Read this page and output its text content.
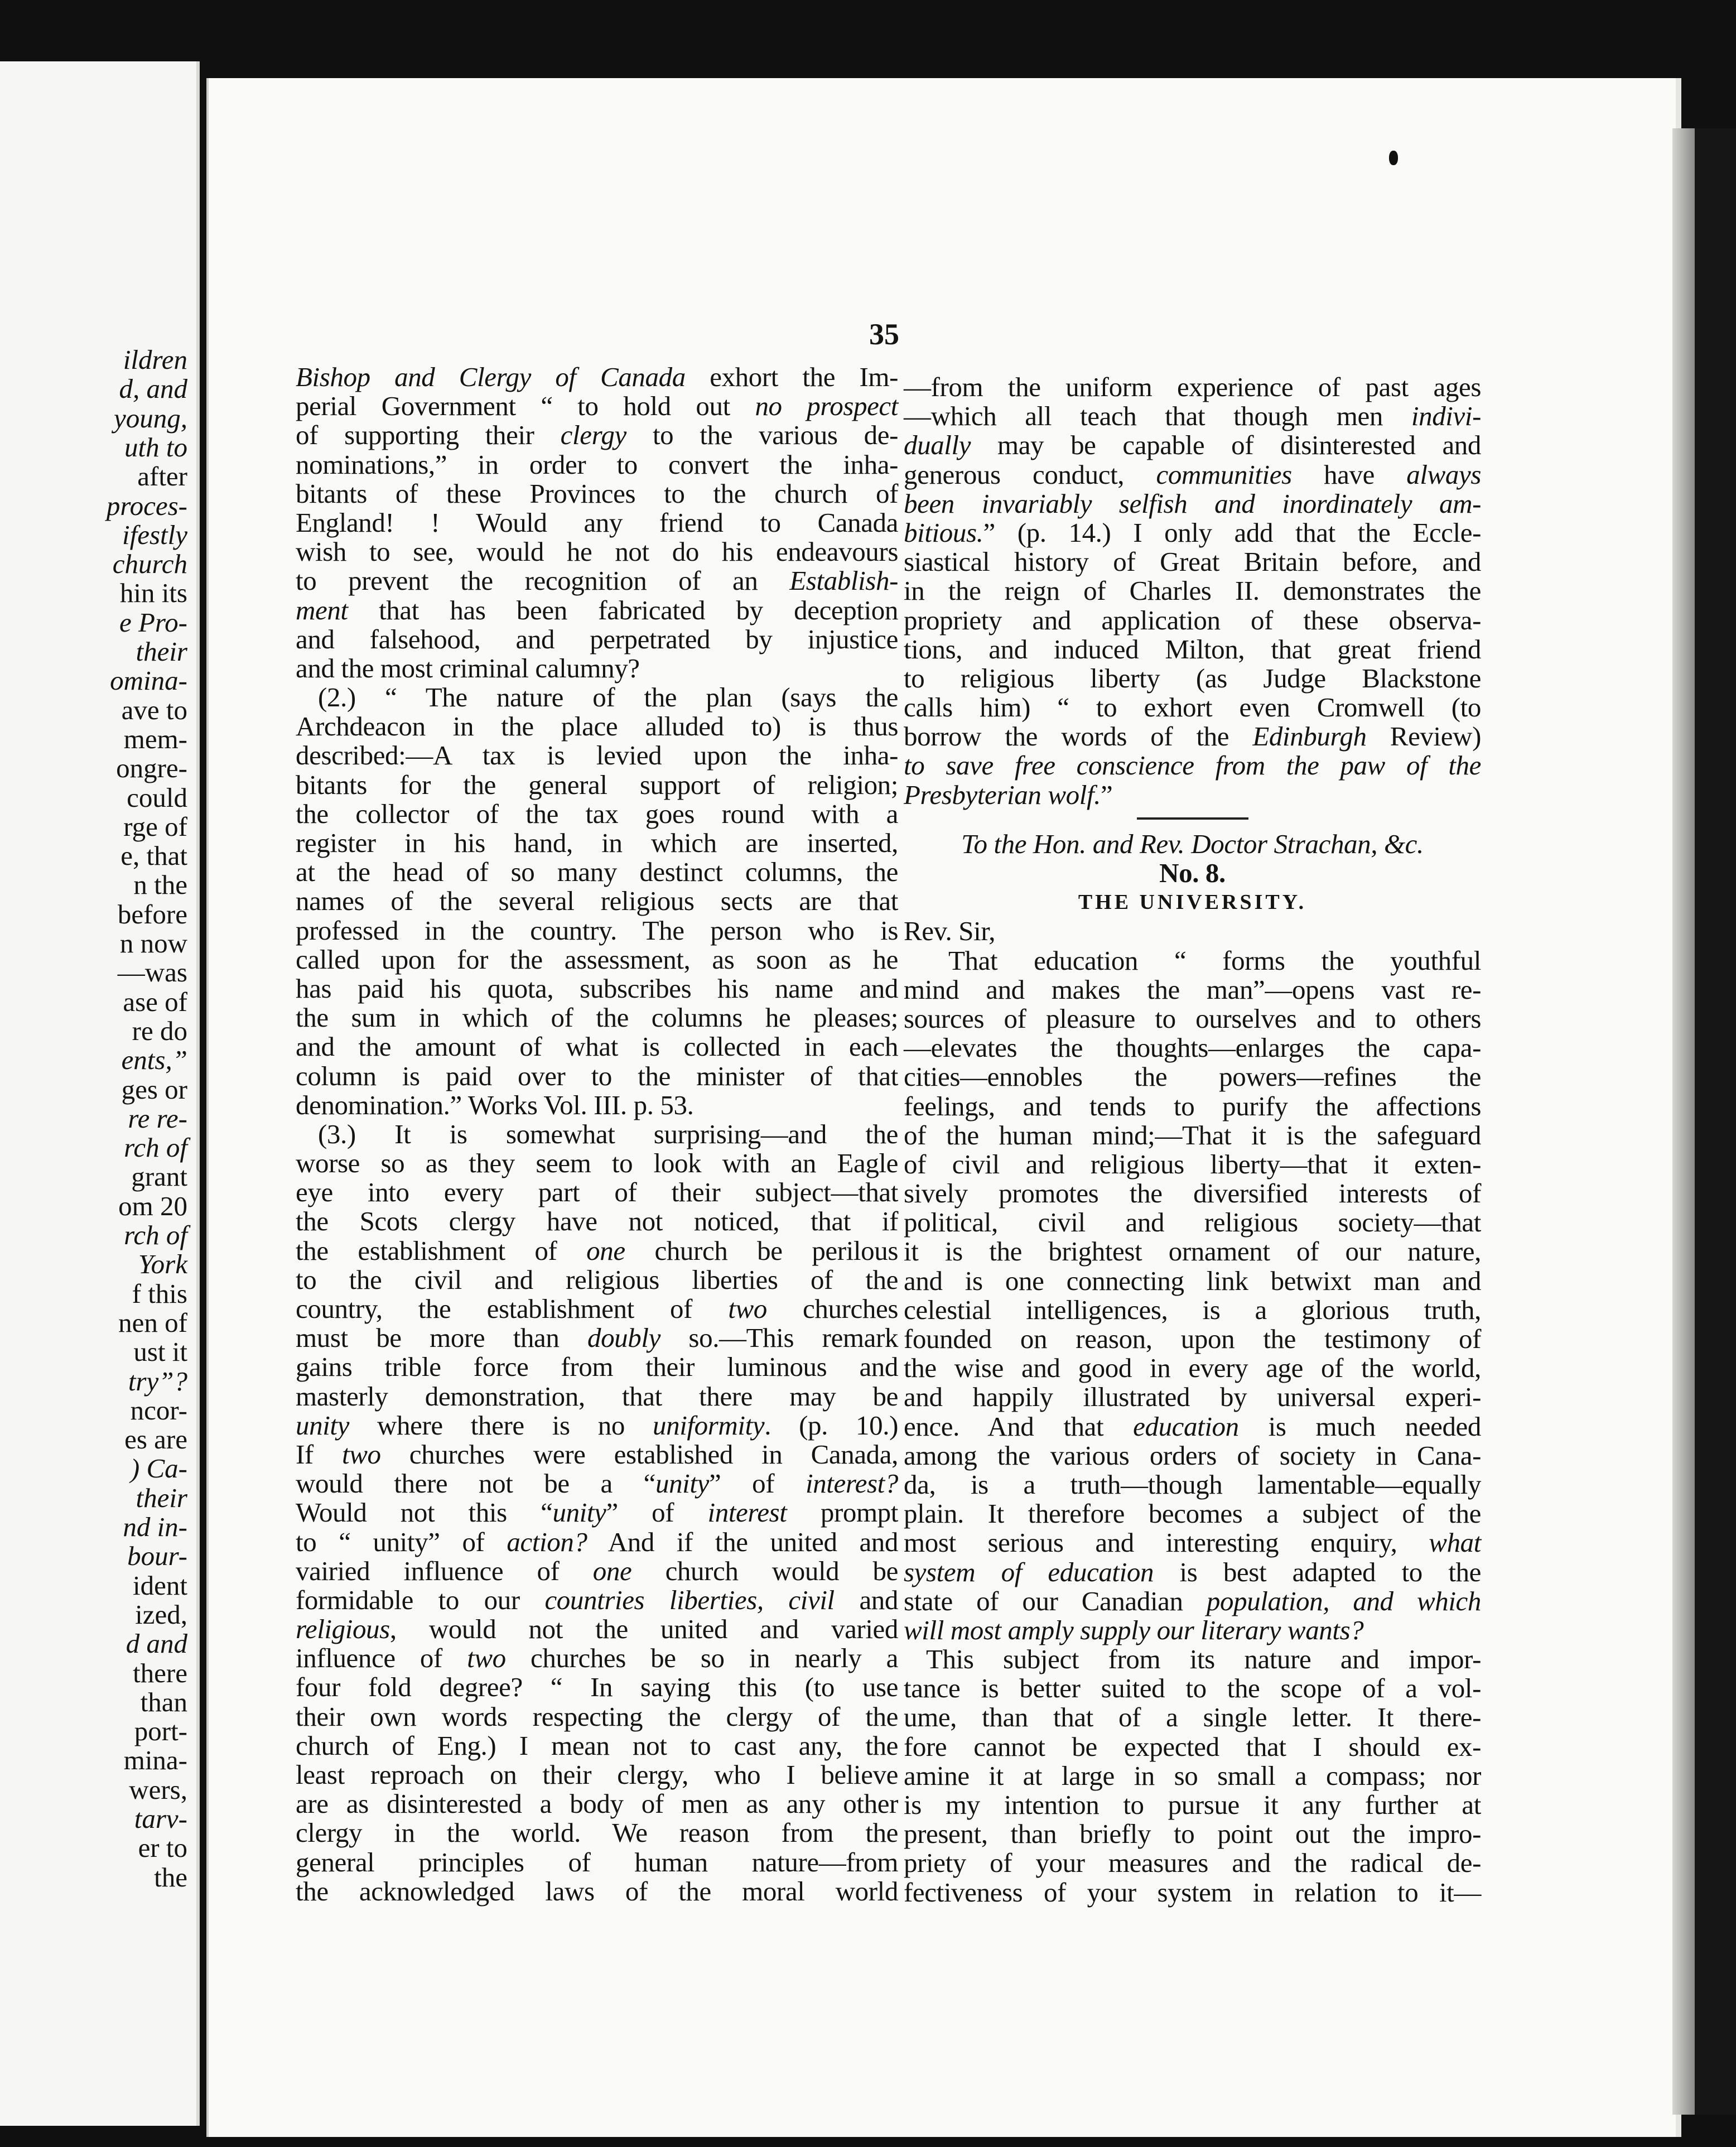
ildren
d, and
young,
uth to
after
proces-
ifestly
church
hin its
e Pro-
their
omina-
ave to
mem-
ongre-
could
rge of
e, that
n the
before
n now
—was
ase of
re do
ents,”
ges or
re re-
rch of
grant
om 20
rch of
York
f this
nen of
ust it
try”?
ncor-
es are
) Ca-
their
nd in-
bour-
ident
ized,
d and
there
than
port-
mina-
wers,
tarv-
er to
the
35
Bishop and Clergy of Canada exhort the Im-
perial Government “ to hold out no prospect
of supporting their clergy to the various de-
nominations,” in order to convert the inha-
bitants of these Provinces to the church of
England! ! Would any friend to Canada
wish to see, would he not do his endeavours
to prevent the recognition of an Establish-
ment that has been fabricated by deception
and falsehood, and perpetrated by injustice
and the most criminal calumny?
(2.) “ The nature of the plan (says the
Archdeacon in the place alluded to) is thus
described:—A tax is levied upon the inha-
bitants for the general support of religion;
the collector of the tax goes round with a
register in his hand, in which are inserted,
at the head of so many destinct columns, the
names of the several religious sects are that
professed in the country. The person who is
called upon for the assessment, as soon as he
has paid his quota, subscribes his name and
the sum in which of the columns he pleases;
and the amount of what is collected in each
column is paid over to the minister of that
denomination.” Works Vol. III. p. 53.
(3.) It is somewhat surprising—and the
worse so as they seem to look with an Eagle
eye into every part of their subject—that
the Scots clergy have not noticed, that if
the establishment of one church be perilous
to the civil and religious liberties of the
country, the establishment of two churches
must be more than doubly so.—This remark
gains trible force from their luminous and
masterly demonstration, that there may be
unity where there is no uniformity. (p. 10.)
If two churches were established in Canada,
would there not be a “unity” of interest?
Would not this “unity” of interest prompt
to “ unity” of action? And if the united and
vairied influence of one church would be
formidable to our countries liberties, civil and
religious, would not the united and varied
influence of two churches be so in nearly a
four fold degree? “ In saying this (to use
their own words respecting the clergy of the
church of Eng.) I mean not to cast any, the
least reproach on their clergy, who I believe
are as disinterested a body of men as any other
clergy in the world. We reason from the
general principles of human nature—from
the acknowledged laws of the moral world
—from the uniform experience of past ages
—which all teach that though men indivi-
dually may be capable of disinterested and
generous conduct, communities have always
been invariably selfish and inordinately am-
bitious.” (p. 14.) I only add that the Eccle-
siastical history of Great Britain before, and
in the reign of Charles II. demonstrates the
propriety and application of these observa-
tions, and induced Milton, that great friend
to religious liberty (as Judge Blackstone
calls him) “ to exhort even Cromwell (to
borrow the words of the Edinburgh Review)
to save free conscience from the paw of the
Presbyterian wolf.”
To the Hon. and Rev. Doctor Strachan, &c.
No. 8.
THE UNIVERSITY.
Rev. Sir,
That education “ forms the youthful
mind and makes the man”—opens vast re-
sources of pleasure to ourselves and to others
—elevates the thoughts—enlarges the capa-
cities—ennobles the powers—refines the
feelings, and tends to purify the affections
of the human mind;—That it is the safeguard
of civil and religious liberty—that it exten-
sively promotes the diversified interests of
political, civil and religious society—that
it is the brightest ornament of our nature,
and is one connecting link betwixt man and
celestial intelligences, is a glorious truth,
founded on reason, upon the testimony of
the wise and good in every age of the world,
and happily illustrated by universal experi-
ence. And that education is much needed
among the various orders of society in Cana-
da, is a truth—though lamentable—equally
plain. It therefore becomes a subject of the
most serious and interesting enquiry, what
system of education is best adapted to the
state of our Canadian population, and which
will most amply supply our literary wants?
This subject from its nature and impor-
tance is better suited to the scope of a vol-
ume, than that of a single letter. It there-
fore cannot be expected that I should ex-
amine it at large in so small a compass; nor
is my intention to pursue it any further at
present, than briefly to point out the impro-
priety of your measures and the radical de-
fectiveness of your system in relation to it—
